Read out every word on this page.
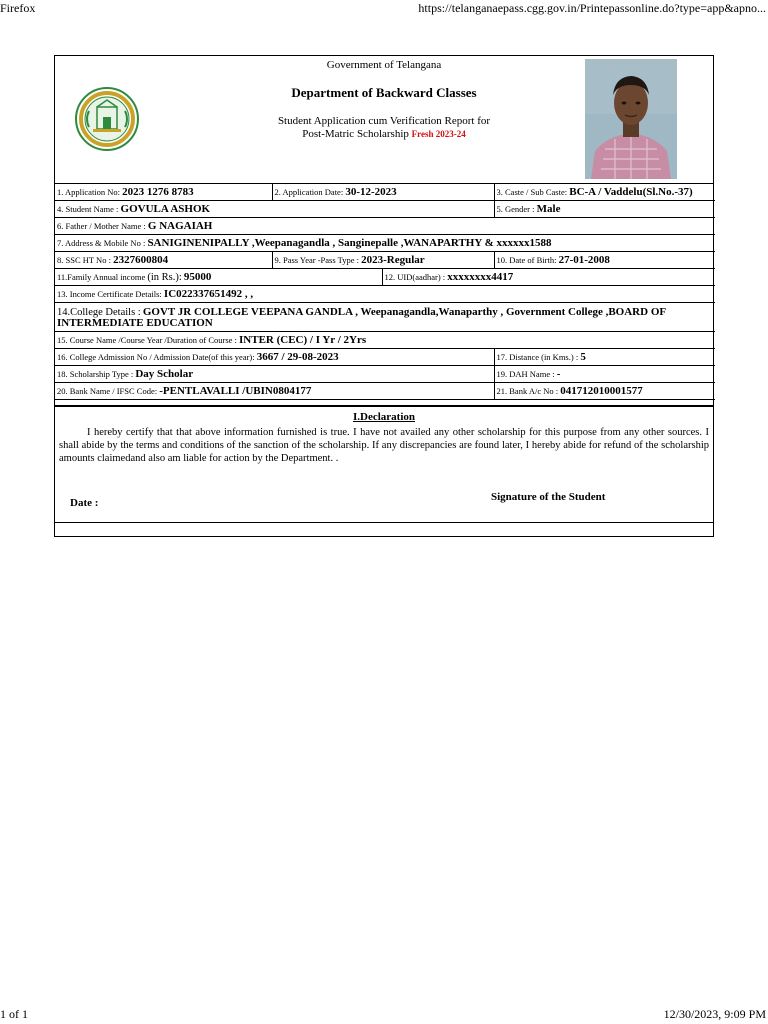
Firefox	https://telanganaepass.cgg.gov.in/Printepassonline.do?type=app&apno...
Government of Telangana
Department of Backward Classes
Student Application cum Verification Report for
Post-Matric Scholarship Fresh 2023-24
1. Application No: 2023 1276 8783	2. Application Date: 30-12-2023		3. Caste / Sub Caste: BC-A / Vaddelu(Sl.No.-37)
4. Student Name : GOVULA ASHOK			5. Gender : Male
6. Father / Mother Name : G NAGAIAH			
7. Address & Mobile No : SANIGINENIPALLY ,Weepanagandla , Sanginepalle ,WANAPARTHY & xxxxxx1588			
8. SSC HT No : 2327600804	9. Pass Year -Pass Type : 2023-Regular		10. Date of Birth: 27-01-2008
11.Family Annual income (in Rs.): 95000		12. UID(aadhar) : xxxxxxxx4417	
13. Income Certificate Details: IC022337651492 , ,			
14.College Details : GOVT JR COLLEGE VEEPANA GANDLA , Weepanagandla,Wanaparthy , Government College ,BOARD OF INTERMEDIATE EDUCATION			
15. Course Name /Course Year /Duration of Course : INTER (CEC) / I Yr / 2Yrs			
16. College Admission No / Admission Date(of this year): 3667 / 29-08-2023			17. Distance (in Kms.) : 5
18. Scholarship Type : Day Scholar			19. DAH Name : -
20. Bank Name / IFSC Code: -PENTLAVALLI /UBIN0804177			21. Bank A/c No : 041712010001577
I.Declaration
I hereby certify that that above information furnished is true. I have not availed any other scholarship for this purpose from any other sources. I shall abide by the terms and conditions of the sanction of the scholarship. If any discrepancies are found later, I hereby abide for refund of the scholarship amounts claimedand also am liable for action by the Department. .
Date :	Signature of the Student
1 of 1	12/30/2023, 9:09 PM
